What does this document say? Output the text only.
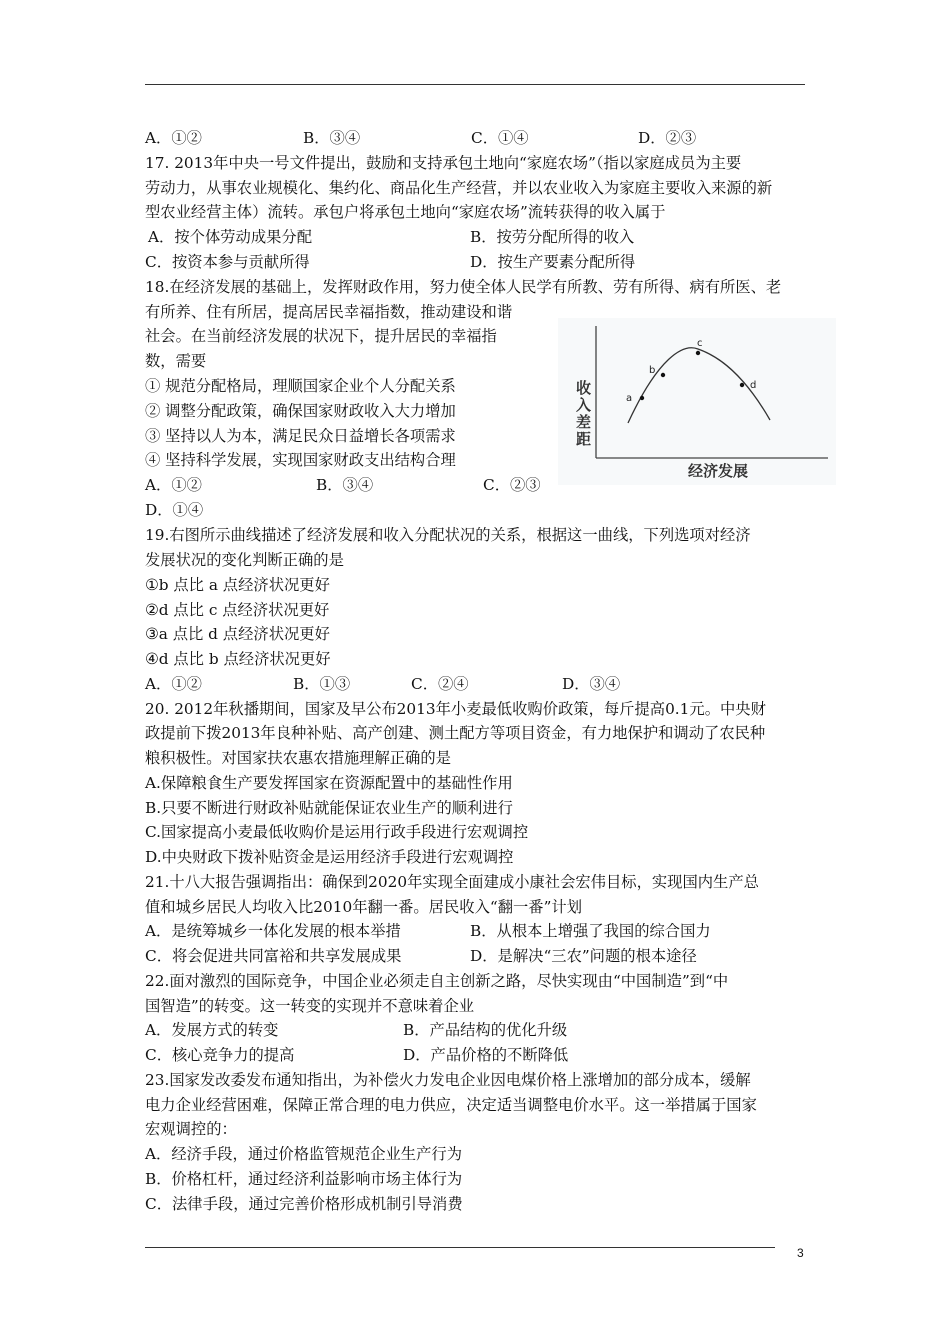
A．①②	B．③④	C．①④	D．②③
17. 2013年中央一号文件提出，鼓励和支持承包土地向“家庭农场”（指以家庭成员为主要
劳动力，从事农业规模化、集约化、商品化生产经营，并以农业收入为家庭主要收入来源的新
型农业经营主体）流转。承包户将承包土地向“家庭农场”流转获得的收入属于
A．按个体劳动成果分配	B．按劳分配所得的收入
C．按资本参与贡献所得	D．按生产要素分配所得
18.在经济发展的基础上，发挥财政作用，努力使全体人民学有所教、劳有所得、病有所医、老
有所养、住有所居，提高居民幸福指数，推动建设和谐
社会。在当前经济发展的状况下，提升居民的幸福指
数，需要
① 规范分配格局，理顺国家企业个人分配关系
② 调整分配政策，确保国家财政收入大力增加
③ 坚持以人为本，满足民众日益增长各项需求
④ 坚持科学发展，实现国家财政支出结构合理
A．①②	B．③④	C．②③
D．①④
收入差距
经济发展
a
b
c
d
19.右图所示曲线描述了经济发展和收入分配状况的关系，根据这一曲线，下列选项对经济
发展状况的变化判断正确的是
①b 点比 a 点经济状况更好
②d 点比 c 点经济状况更好
③a 点比 d 点经济状况更好
④d 点比 b 点经济状况更好
A．①②	B．①③	C．②④	D．③④
20. 2012年秋播期间，国家及早公布2013年小麦最低收购价政策，每斤提高0.1元。中央财
政提前下拨2013年良种补贴、高产创建、测土配方等项目资金，有力地保护和调动了农民种
粮积极性。对国家扶农惠农措施理解正确的是
A.保障粮食生产要发挥国家在资源配置中的基础性作用
B.只要不断进行财政补贴就能保证农业生产的顺利进行
C.国家提高小麦最低收购价是运用行政手段进行宏观调控
D.中央财政下拨补贴资金是运用经济手段进行宏观调控
21.十八大报告强调指出：确保到2020年实现全面建成小康社会宏伟目标，实现国内生产总
值和城乡居民人均收入比2010年翻一番。居民收入“翻一番”计划
A．是统筹城乡一体化发展的根本举措	B．从根本上增强了我国的综合国力
C．将会促进共同富裕和共享发展成果	D．是解决“三农”问题的根本途径
22.面对激烈的国际竞争，中国企业必须走自主创新之路，尽快实现由“中国制造”到“中
国智造”的转变。这一转变的实现并不意味着企业
A．发展方式的转变	B．产品结构的优化升级
C．核心竞争力的提高	D．产品价格的不断降低
23.国家发改委发布通知指出，为补偿火力发电企业因电煤价格上涨增加的部分成本，缓解
电力企业经营困难，保障正常合理的电力供应，决定适当调整电价水平。这一举措属于国家
宏观调控的：
A．经济手段，通过价格监管规范企业生产行为
B．价格杠杆，通过经济利益影响市场主体行为
C．法律手段，通过完善价格形成机制引导消费
3
